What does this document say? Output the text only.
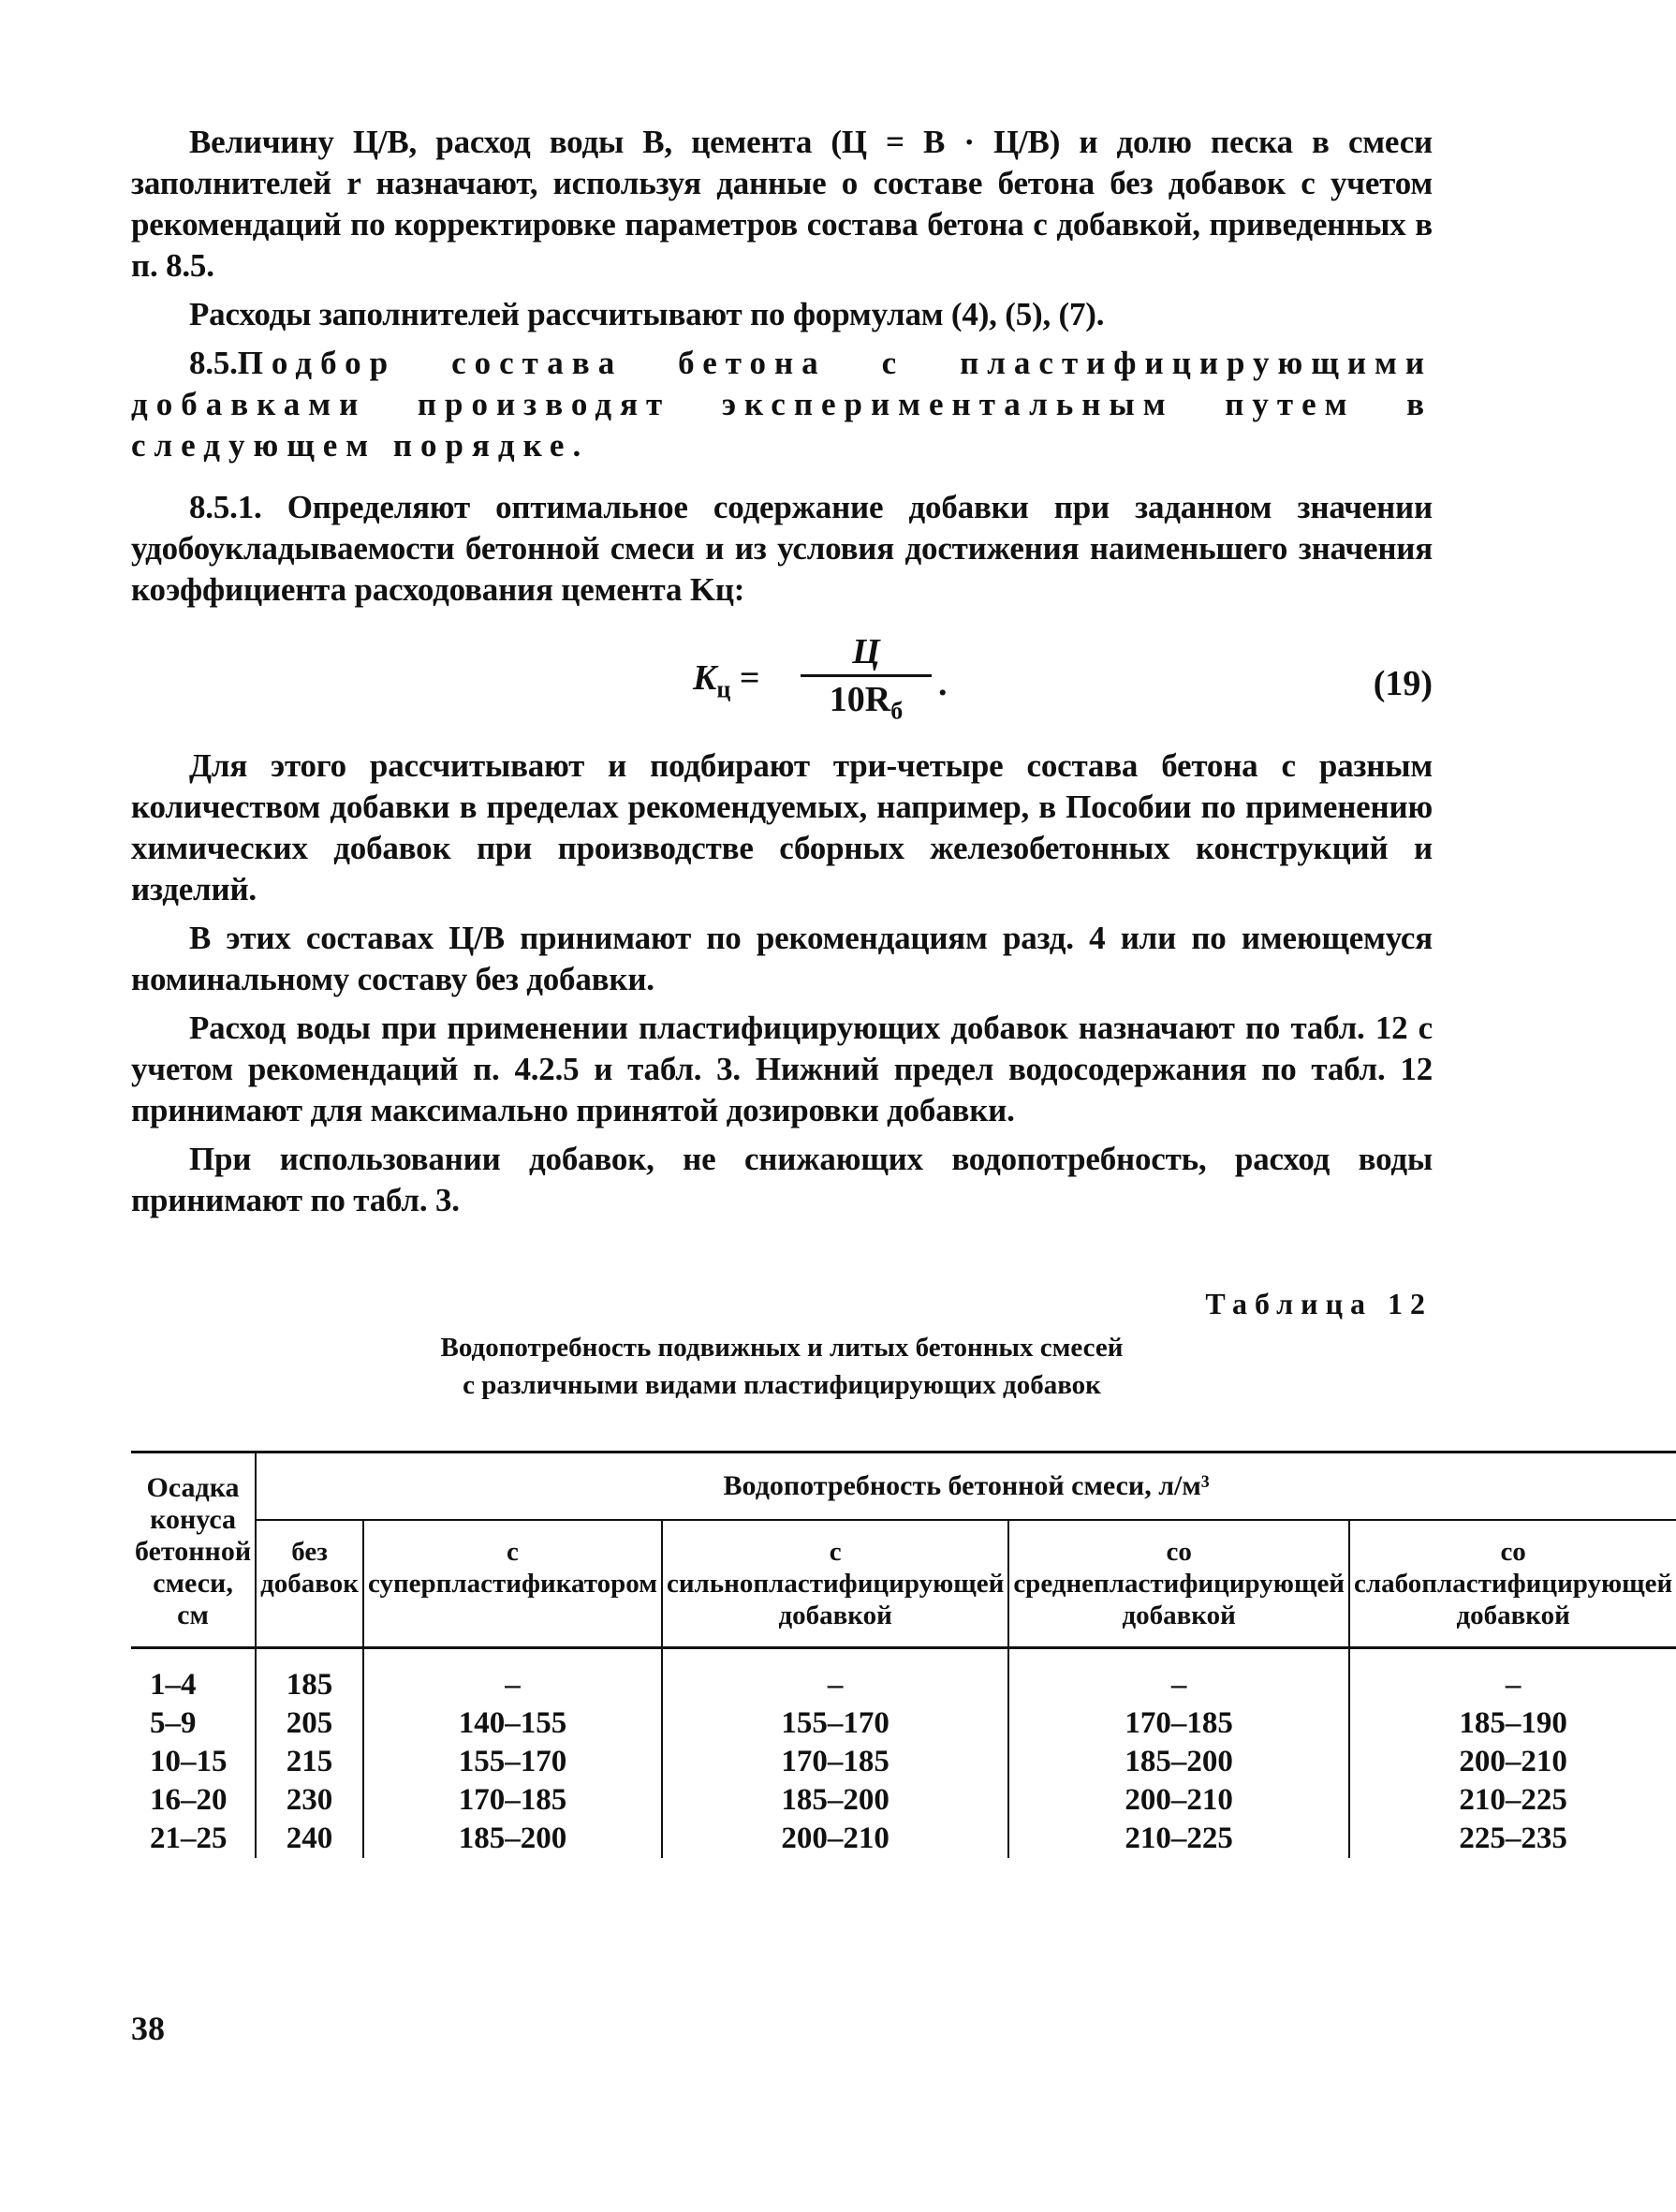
Величину Ц/В, расход воды В, цемента (Ц = В · Ц/В) и долю песка в смеси заполнителей r назначают, используя данные о составе бетона без добавок с учетом рекомендаций по корректировке параметров состава бетона с добавкой, приведенных в п. 8.5.

Расходы заполнителей рассчитывают по формулам (4), (5), (7).

8.5.Подбор состава бетона с пластифицирующими добавками производят экспериментальным путем в следующем порядке.

8.5.1. Определяют оптимальное содержание добавки при заданном значении удобоукладываемости бетонной смеси и из условия достижения наименьшего значения коэффициента расходования цемента Kц:

$K_ц$ =
Ц
$10R_б$
.	(19)

Для этого рассчитывают и подбирают три-четыре состава бетона с разным количеством добавки в пределах рекомендуемых, например, в Пособии по применению химических добавок при производстве сборных железобетонных конструкций и изделий.

В этих составах Ц/В принимают по рекомендациям разд. 4 или по имеющемуся номинальному составу без добавки.

Расход воды при применении пластифицирующих добавок назначают по табл. 12 с учетом рекомендаций п. 4.2.5 и табл. 3. Нижний предел водосодержания по табл. 12 принимают для максимально принятой дозировки добавки.

При использовании добавок, не снижающих водопотребность, расход воды принимают по табл. 3.

Таблица 12
Водопотребность подвижных и литых бетонных смесей
с различными видами пластифицирующих добавок
Осадка конуса бетонной смеси, см	Водопотребность бетонной смеси, л/м³				
	без добавок	с суперпластификатором	с сильнопластифицирующей добавкой	со среднепластифицирующей добавкой	со слабопластифицирующей добавкой
1–4	185	–	–	–	–
5–9	205	140–155	155–170	170–185	185–190
10–15	215	155–170	170–185	185–200	200–210
16–20	230	170–185	185–200	200–210	210–225
21–25	240	185–200	200–210	210–225	225–235
38
